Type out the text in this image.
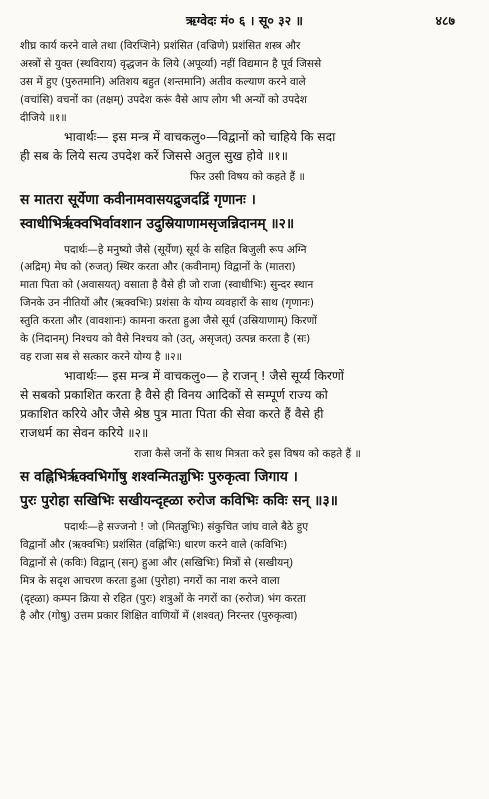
ऋग्वेदः मं० ६ । सू० ३२ ॥	४८७

शीघ्र कार्य करने वाले तथा (विरप्शिने) प्रशंसित (वज्रिणे) प्रशंसित शस्त्र और

अस्त्रों से युक्त (स्थविराय) वृद्धजन के लिये (अपूर्व्या) नहीं विद्यमान है पूर्व जिससे

उस में हुए (पुरुतमानि) अतिशय बहुत (शन्तमानि) अतीव कल्याण करने वाले

(वचांसि) वचनों का (तक्षम्) उपदेश करूं वैसे आप लोग भी अन्यों को उपदेश

दीजिये ॥१॥

भावार्थः— इस मन्त्र में वाचकलु०—विद्वानों को चाहिये कि सदा

ही सब के लिये सत्य उपदेश करें जिससे अतुल सुख होवे ॥१॥

फिर उसी विषय को कहते हैं ॥

स मातरा सूर्येणा कवीनामवासयद्रुजदद्रिं गृणानः ।

स्वाधीभिर्ऋक्वभिर्वावशान उदुस्रियाणामसृजन्निदानम् ॥२॥

पदार्थः—हे मनुष्यो जैसे (सूर्येण) सूर्य के सहित बिजुली रूप अग्नि

(अद्रिम्) मेघ को (रुजत्) स्थिर करता और (कवीनाम्) विद्वानों के (मातरा)

माता पिता को (अवासयत्) वसाता है वैसे ही जो राजा (स्वाधीभिः) सुन्दर स्थान

जिनके उन नीतियों और (ऋक्वभिः) प्रशंसा के योग्य व्यवहारों के साथ (गृणानः)

स्तुति करता और (वावशानः) कामना करता हुआ जैसे सूर्य (उस्रियाणाम्) किरणों

के (निदानम्) निश्चय को वैसे निश्चय को (उत्, असृजत्) उत्पन्न करता है (सः)

वह राजा सब से सत्कार करने योग्य है ॥२॥

भावार्थः— इस मन्त्र में वाचकलु०— हे राजन् ! जैसे सूर्य्य किरणों

से सबको प्रकाशित करता है वैसे ही विनय आदिकों से सम्पूर्ण राज्य को

प्रकाशित करिये और जैसे श्रेष्ठ पुत्र माता पिता की सेवा करते हैं वैसे ही

राजधर्म का सेवन करिये ॥२॥

राजा कैसे जनों के साथ मित्रता करे इस विषय को कहते हैं ॥

स वह्निभिर्ऋक्वभिर्गोषु शश्वन्मितज्ञुभिः पुरुकृत्वा जिगाय ।

पुरः पुरोहा सखिभिः सखीयन्दृह्ळा रुरोज कविभिः कविः सन् ॥३॥

पदार्थः—हे सज्जनो ! जो (मितज्ञुभिः) संकुचित जांघ वाले बैठे हुए

विद्वानों और (ऋक्वभिः) प्रशंसित (वह्निभिः) धारण करने वाले (कविभिः)

विद्वानों से (कविः) विद्वान् (सन्) हुआ और (सखिभिः) मित्रों से (सखीयन्)

मित्र के सदृश आचरण करता हुआ (पुरोहा) नगरों का नाश करने वाला

(दृह्ळा) कम्पन क्रिया से रहित (पुरः) शत्रुओं के नगरों का (रुरोज) भंग करता

है और (गोषु) उत्तम प्रकार शिक्षित वाणियों में (शश्वत्) निरन्तर (पुरुकृत्वा)
